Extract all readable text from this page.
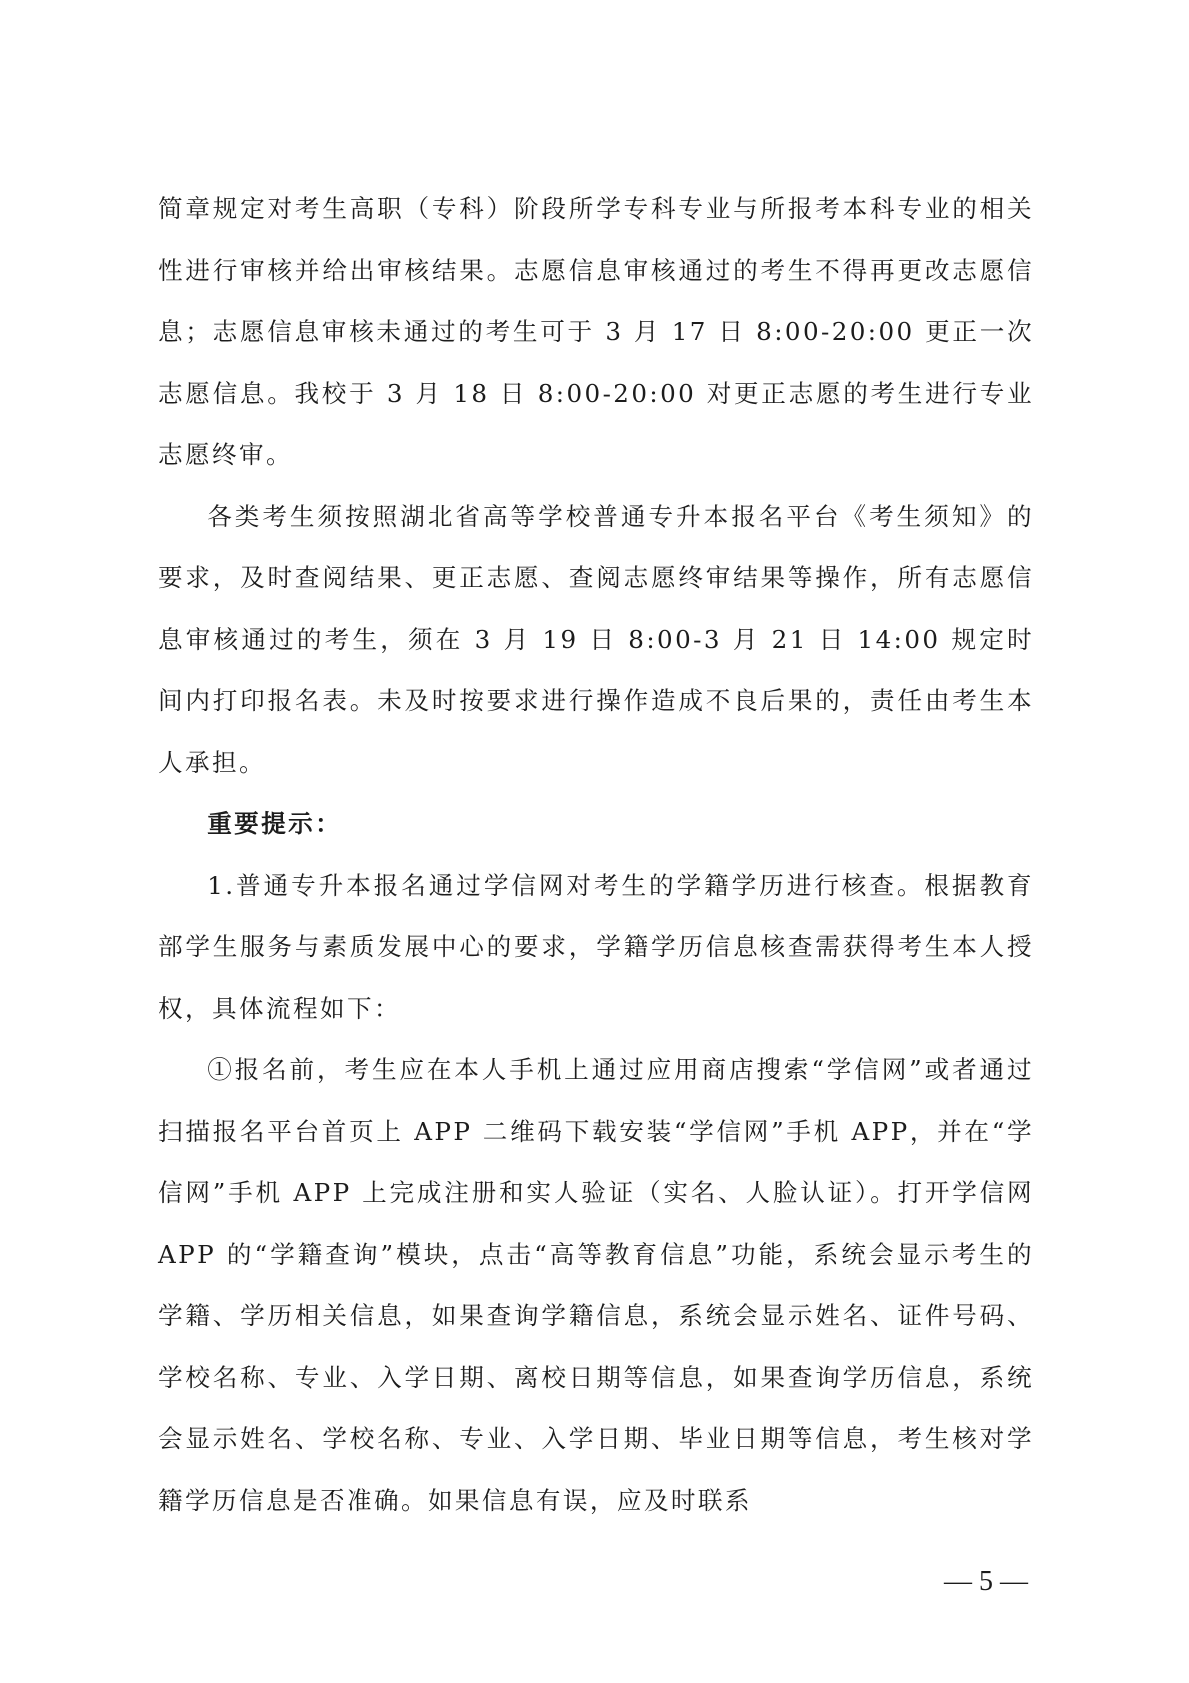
简章规定对考生高职（专科）阶段所学专科专业与所报考本科专业的相关性进行审核并给出审核结果。志愿信息审核通过的考生不得再更改志愿信息；志愿信息审核未通过的考生可于 3 月 17 日 8:00-20:00 更正一次志愿信息。我校于 3 月 18 日 8:00-20:00 对更正志愿的考生进行专业志愿终审。

各类考生须按照湖北省高等学校普通专升本报名平台《考生须知》的要求，及时查阅结果、更正志愿、查阅志愿终审结果等操作，所有志愿信息审核通过的考生，须在 3 月 19 日 8:00-3 月 21 日 14:00 规定时间内打印报名表。未及时按要求进行操作造成不良后果的，责任由考生本人承担。

重要提示：

1.普通专升本报名通过学信网对考生的学籍学历进行核查。根据教育部学生服务与素质发展中心的要求，学籍学历信息核查需获得考生本人授权，具体流程如下：

①报名前，考生应在本人手机上通过应用商店搜索“学信网”或者通过扫描报名平台首页上 APP 二维码下载安装“学信网”手机 APP，并在“学信网”手机 APP 上完成注册和实人验证（实名、人脸认证）。打开学信网 APP 的“学籍查询”模块，点击“高等教育信息”功能，系统会显示考生的学籍、学历相关信息，如果查询学籍信息，系统会显示姓名、证件号码、学校名称、专业、入学日期、离校日期等信息，如果查询学历信息，系统会显示姓名、学校名称、专业、入学日期、毕业日期等信息，考生核对学籍学历信息是否准确。如果信息有误，应及时联系

— 5 —
